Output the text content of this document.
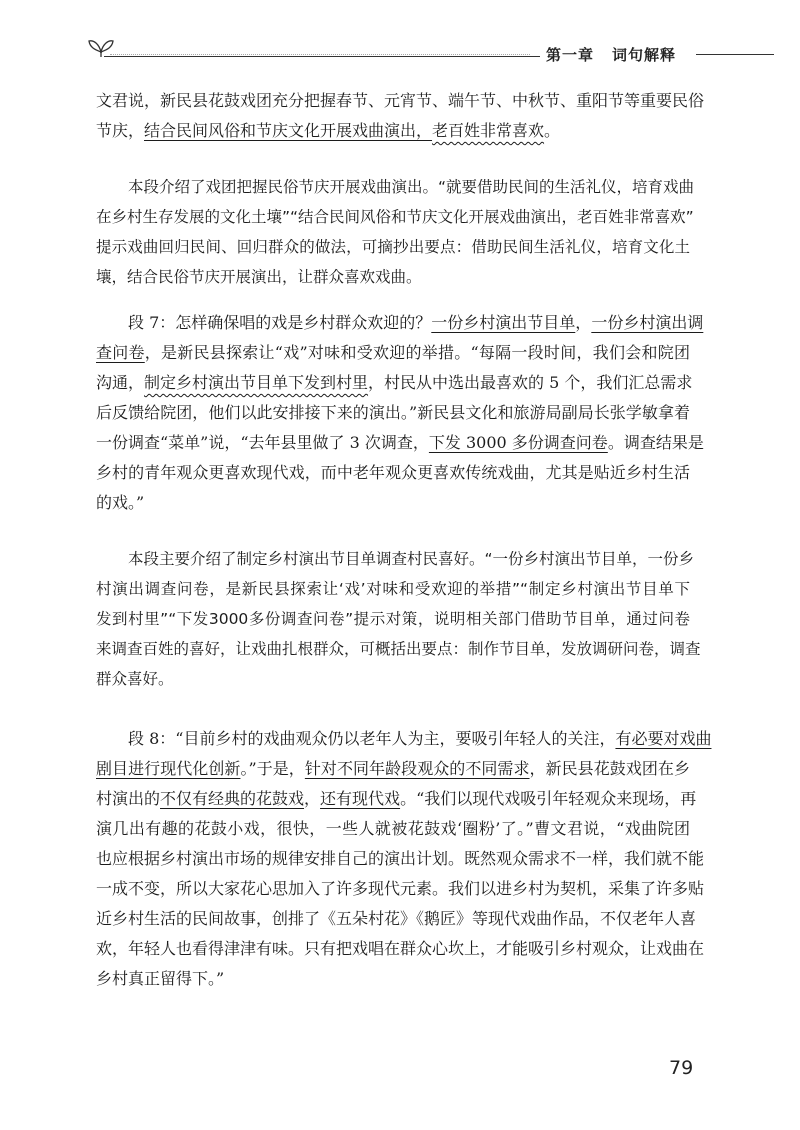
第一章 词句解释
文君说，新民县花鼓戏团充分把握春节、元宵节、端午节、中秋节、重阳节等重要民俗
节庆，结合民间风俗和节庆文化开展戏曲演出，老百姓非常喜欢。
本段介绍了戏团把握民俗节庆开展戏曲演出。“就要借助民间的生活礼仪，培育戏曲
在乡村生存发展的文化土壤”“结合民间风俗和节庆文化开展戏曲演出，老百姓非常喜欢”
提示戏曲回归民间、回归群众的做法，可摘抄出要点：借助民间生活礼仪，培育文化土
壤，结合民俗节庆开展演出，让群众喜欢戏曲。
段 7：怎样确保唱的戏是乡村群众欢迎的？一份乡村演出节目单，一份乡村演出调
查问卷，是新民县探索让“戏”对味和受欢迎的举措。“每隔一段时间，我们会和院团
沟通，制定乡村演出节目单下发到村里，村民从中选出最喜欢的 5 个，我们汇总需求
后反馈给院团，他们以此安排接下来的演出。”新民县文化和旅游局副局长张学敏拿着
一份调查“菜单”说，“去年县里做了 3 次调查，下发 3000 多份调查问卷。调查结果是
乡村的青年观众更喜欢现代戏，而中老年观众更喜欢传统戏曲，尤其是贴近乡村生活
的戏。”
本段主要介绍了制定乡村演出节目单调查村民喜好。“一份乡村演出节目单，一份乡
村演出调查问卷，是新民县探索让‘戏’对味和受欢迎的举措”“制定乡村演出节目单下
发到村里”“下发3000多份调查问卷”提示对策，说明相关部门借助节目单，通过问卷
来调查百姓的喜好，让戏曲扎根群众，可概括出要点：制作节目单，发放调研问卷，调查
群众喜好。
段 8：“目前乡村的戏曲观众仍以老年人为主，要吸引年轻人的关注，有必要对戏曲
剧目进行现代化创新。”于是，针对不同年龄段观众的不同需求，新民县花鼓戏团在乡
村演出的不仅有经典的花鼓戏，还有现代戏。“我们以现代戏吸引年轻观众来现场，再
演几出有趣的花鼓小戏，很快，一些人就被花鼓戏‘圈粉’了。”曹文君说，“戏曲院团
也应根据乡村演出市场的规律安排自己的演出计划。既然观众需求不一样，我们就不能
一成不变，所以大家花心思加入了许多现代元素。我们以进乡村为契机，采集了许多贴
近乡村生活的民间故事，创排了《五朵村花》《鹅匠》等现代戏曲作品，不仅老年人喜
欢，年轻人也看得津津有味。只有把戏唱在群众心坎上，才能吸引乡村观众，让戏曲在
乡村真正留得下。”
79
